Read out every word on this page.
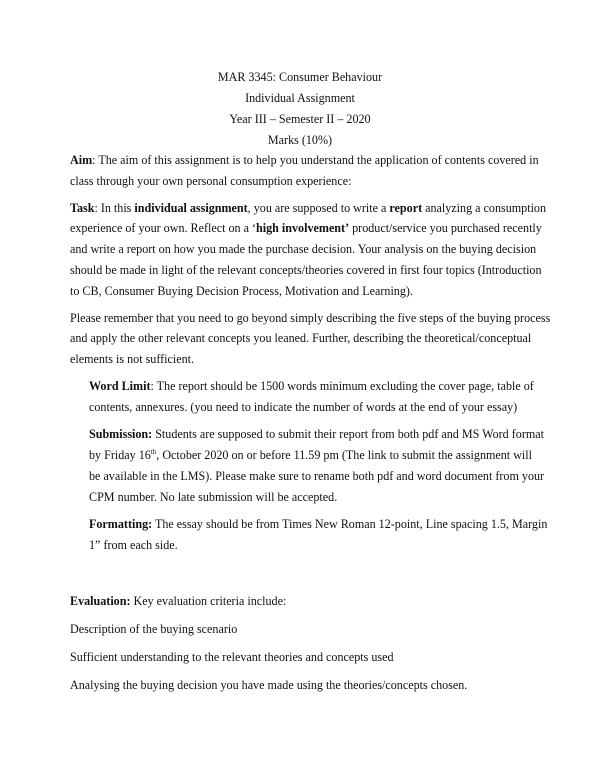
MAR 3345: Consumer Behaviour
Individual Assignment
Year III – Semester II – 2020
Marks (10%)
Aim: The aim of this assignment is to help you understand the application of contents covered in
class through your own personal consumption experience:
Task: In this individual assignment, you are supposed to write a report analyzing a consumption
experience of your own. Reflect on a ‘high involvement’ product/service you purchased recently
and write a report on how you made the purchase decision. Your analysis on the buying decision
should be made in light of the relevant concepts/theories covered in first four topics (Introduction
to CB, Consumer Buying Decision Process, Motivation and Learning).
Please remember that you need to go beyond simply describing the five steps of the buying process
and apply the other relevant concepts you leaned. Further, describing the theoretical/conceptual
elements is not sufficient.
Word Limit: The report should be 1500 words minimum excluding the cover page, table of
contents, annexures. (you need to indicate the number of words at the end of your essay)
Submission: Students are supposed to submit their report from both pdf and MS Word format
by Friday 16th, October 2020 on or before 11.59 pm (The link to submit the assignment will
be available in the LMS). Please make sure to rename both pdf and word document from your
CPM number. No late submission will be accepted.
Formatting: The essay should be from Times New Roman 12-point, Line spacing 1.5, Margin
1” from each side.
Evaluation: Key evaluation criteria include:
Description of the buying scenario
Sufficient understanding to the relevant theories and concepts used
Analysing the buying decision you have made using the theories/concepts chosen.
